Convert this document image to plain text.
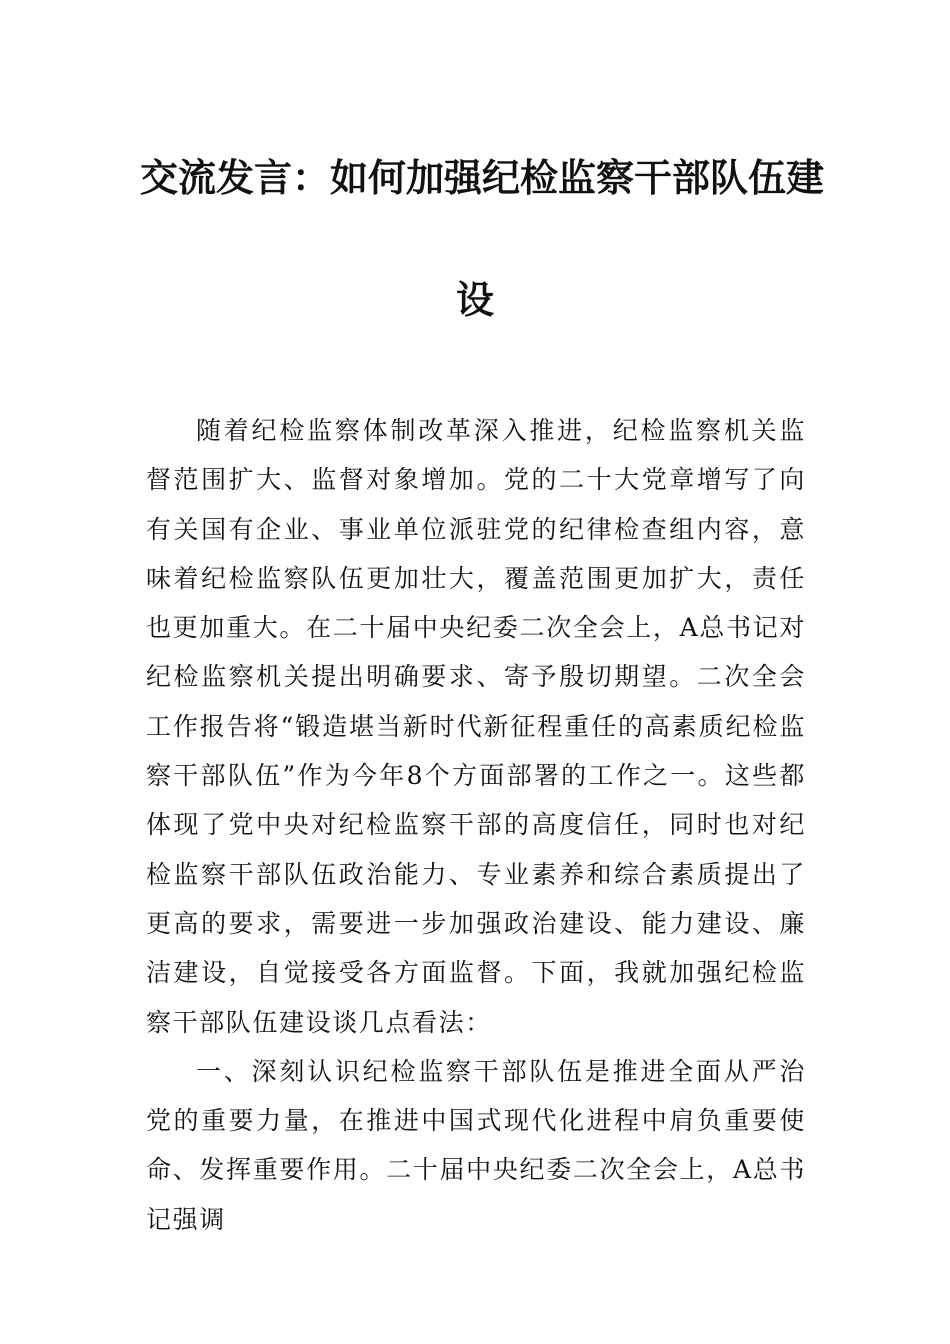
交流发言：如何加强纪检监察干部队伍建
设

随着纪检监察体制改革深入推进，纪检监察机关监督范围扩大、监督对象增加。党的二十大党章增写了向有关国有企业、事业单位派驻党的纪律检查组内容，意味着纪检监察队伍更加壮大，覆盖范围更加扩大，责任也更加重大。在二十届中央纪委二次全会上，A总书记对纪检监察机关提出明确要求、寄予殷切期望。二次全会工作报告将“锻造堪当新时代新征程重任的高素质纪检监察干部队伍”作为今年8个方面部署的工作之一。这些都体现了党中央对纪检监察干部的高度信任，同时也对纪检监察干部队伍政治能力、专业素养和综合素质提出了更高的要求，需要进一步加强政治建设、能力建设、廉洁建设，自觉接受各方面监督。下面，我就加强纪检监察干部队伍建设谈几点看法：

一、深刻认识纪检监察干部队伍是推进全面从严治党的重要力量，在推进中国式现代化进程中肩负重要使命、发挥重要作用。二十届中央纪委二次全会上，A总书记强调
